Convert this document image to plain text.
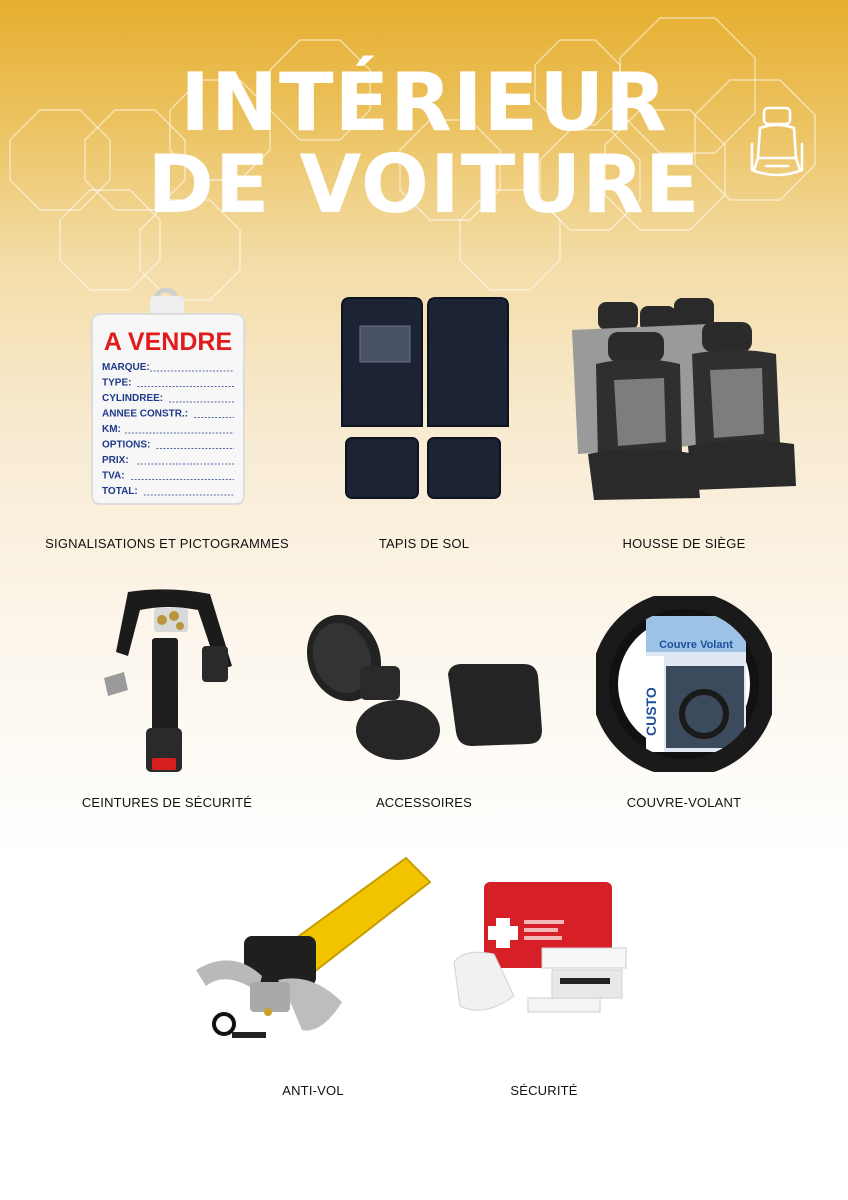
INTÉRIEUR
DE VOITURE
A VENDRE
MARQUE:
TYPE:
CYLINDREE:
ANNEE CONSTR.:
KM:
OPTIONS:
PRIX:
TVA:
TOTAL:
SIGNALISATIONS ET PICTOGRAMMES	TAPIS DE SOL	HOUSSE DE SIÈGE
CEINTURES DE SÉCURITÉ	ACCESSOIRES
Couvre Volant
CUSTO
COUVRE-VOLANT
ANTI-VOL	SÉCURITÉ
